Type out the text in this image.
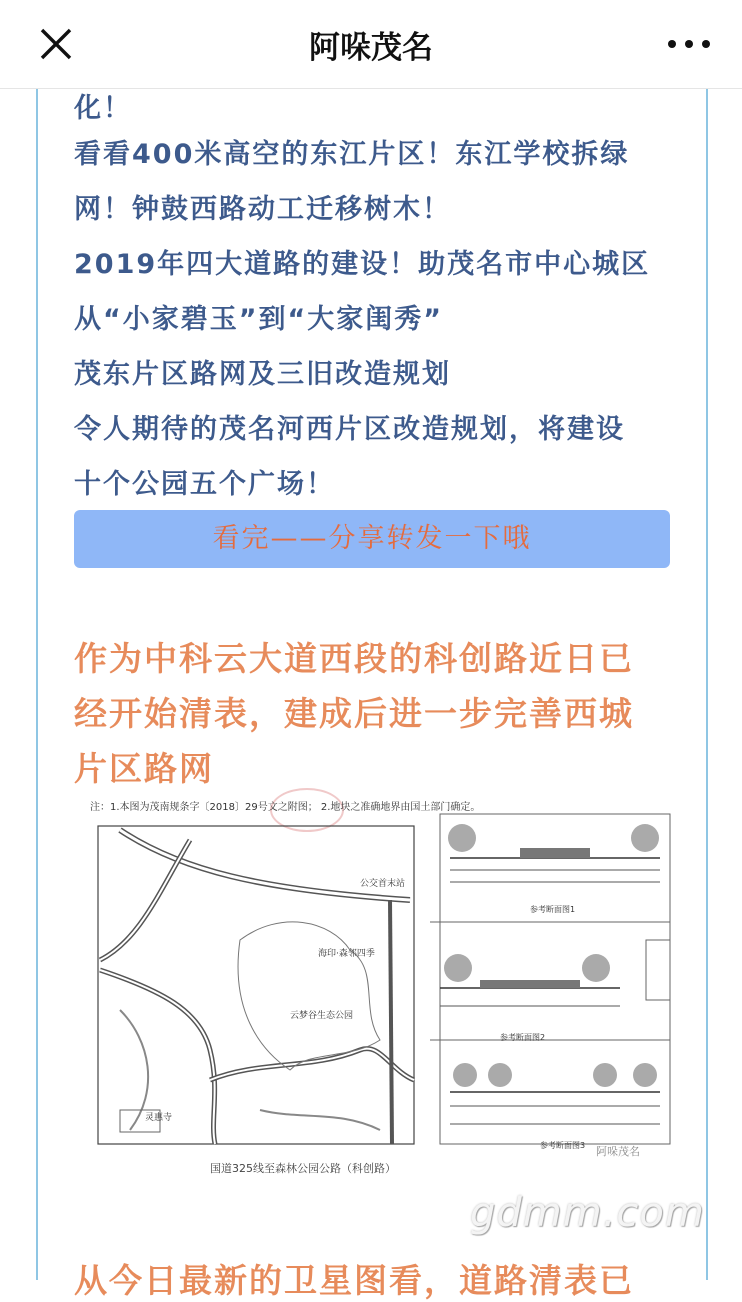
阿哚茂名
化！
看看400米高空的东江片区！东江学校拆绿
网！钟鼓西路动工迁移树木！
2019年四大道路的建设！助茂名市中心城区
从“小家碧玉”到“大家闺秀”
茂东片区路网及三旧改造规划
令人期待的茂名河西片区改造规划，将建设
十个公园五个广场！
看完——分享转发一下哦
作为中科云大道西段的科创路近日已
经开始清表，建成后进一步完善西城
片区路网
注：1.本图为茂南规条字〔2018〕29号文之附图； 2.地块之准确地界由国土部门确定。
公交首末站
海印·森邻四季
云梦谷生态公园
灵惠寺
参考断面图1
参考断面图2
参考断面图3 阿哚茂名
国道325线至森林公园公路（科创路）
从今日最新的卫星图看，道路清表已
gdmm.com
